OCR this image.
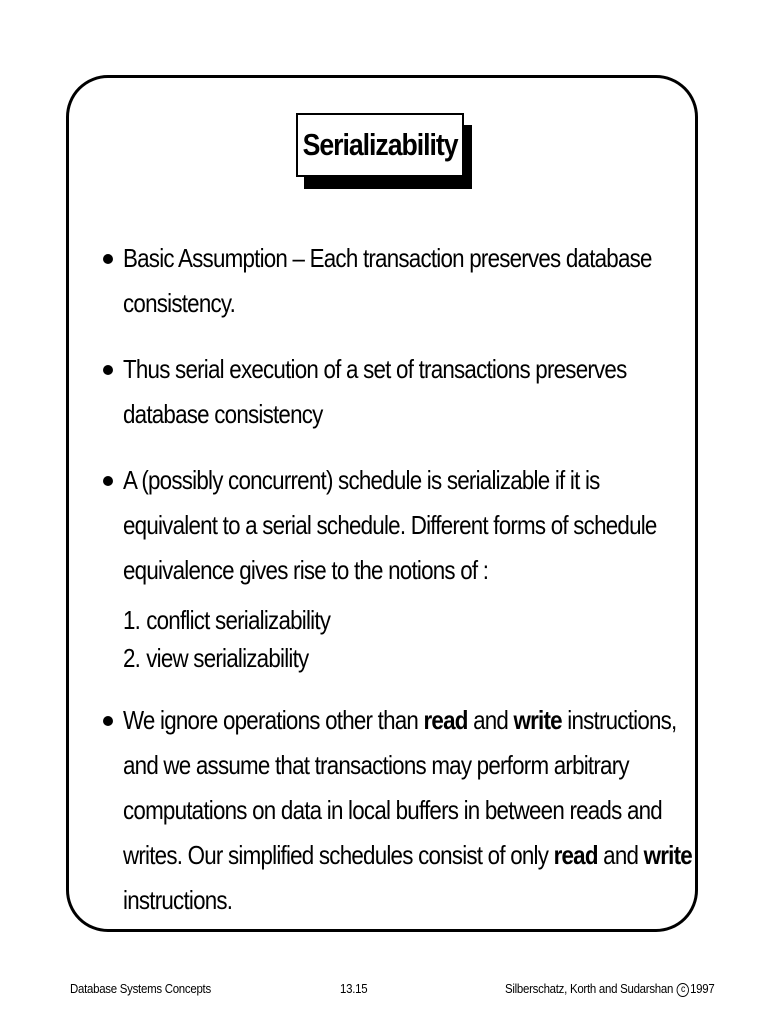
Serializability
Basic Assumption – Each transaction preserves database
consistency.
Thus serial execution of a set of transactions preserves
database consistency
A (possibly concurrent) schedule is serializable if it is
equivalent to a serial schedule. Different forms of schedule
equivalence gives rise to the notions of :
1. conflict serializability
2. view serializability
We ignore operations other than read and write instructions,
and we assume that transactions may perform arbitrary
computations on data in local buffers in between reads and
writes. Our simplified schedules consist of only read and write
instructions.
Database Systems Concepts	13.15	Silberschatz, Korth and Sudarshan c 1997
